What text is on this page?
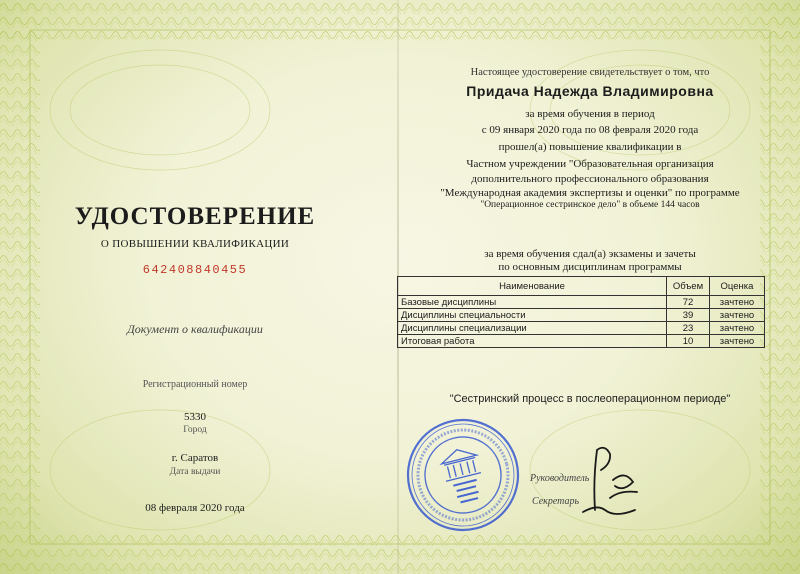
УДОСТОВЕРЕНИЕ
О ПОВЫШЕНИИ КВАЛИФИКАЦИИ
642408840455
Документ о квалификации
Регистрационный номер
5330
Город
г. Саратов
Дата выдачи
08 февраля 2020 года
Настоящее удостоверение свидетельствует о том, что
Придача Надежда Владимировна
за время обучения в период
с 09 января 2020 года по 08 февраля 2020 года
прошел(а) повышение квалификации в
Частном учреждении "Образовательная организация
дополнительного профессионального образования
"Международная академия экспертизы и оценки" по программе
"Операционное сестринское дело" в объеме 144 часов
за время обучения сдал(а) экзамены и зачеты
по основным дисциплинам программы
Наименование	Объем	Оценка
Базовые дисциплины	72	зачтено
Дисциплины специальности	39	зачтено
Дисциплины специализации	23	зачтено
Итоговая работа	10	зачтено
"Сестринский процесс в послеоперационном периоде"
Руководитель
Секретарь
